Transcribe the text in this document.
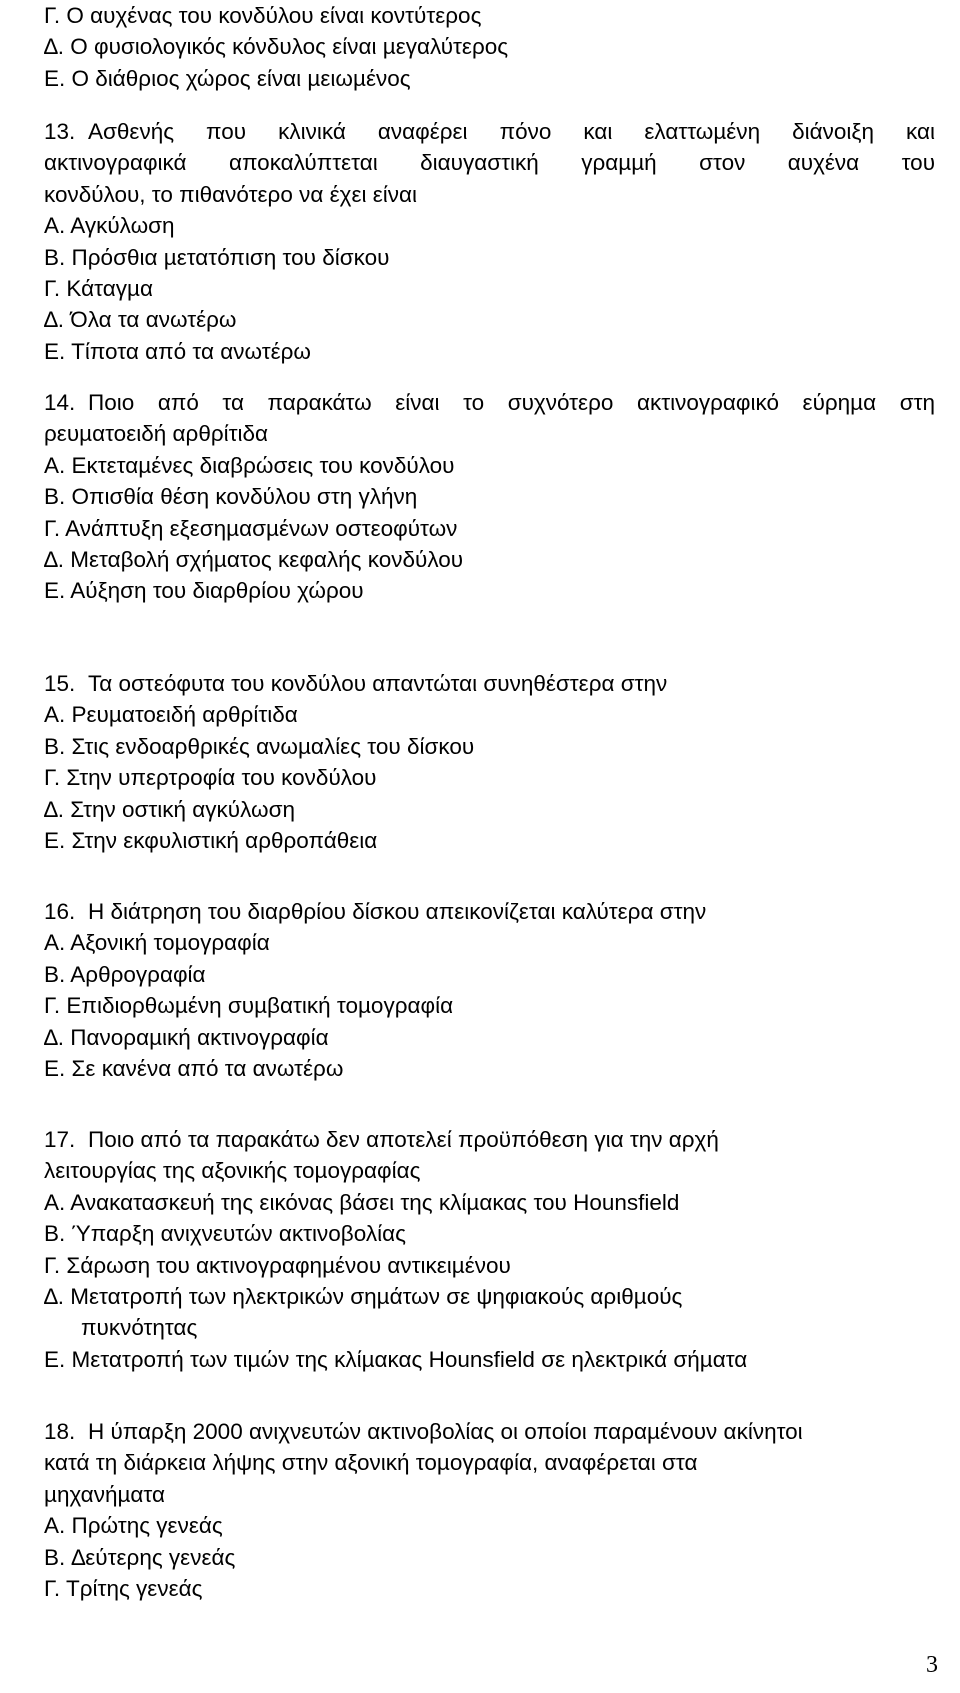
Γ. Ο αυχένας του κονδύλου είναι κοντύτερος
∆. Ο φυσιολογικός κόνδυλος είναι µεγαλύτερος
Ε. Ο διάθριος χώρος είναι µειωµένος
13. Ασθενής που κλινικά αναφέρει πόνο και ελαττωµένη διάνοιξη και
ακτινογραφικά αποκαλύπτεται διαυγαστική γραµµή στον αυχένα του
κονδύλου, το πιθανότερο να έχει είναι
Α. Αγκύλωση
Β. Πρόσθια µετατόπιση του δίσκου
Γ. Κάταγµα
∆. Όλα τα ανωτέρω
Ε. Τίποτα από τα ανωτέρω
14. Ποιο από τα παρακάτω είναι το συχνότερο ακτινογραφικό εύρηµα στη
ρευµατοειδή αρθρίτιδα
Α. Εκτεταµένες διαβρώσεις του κονδύλου
Β. Οπισθία θέση κονδύλου στη γλήνη
Γ. Ανάπτυξη εξεσηµασµένων οστεοφύτων
∆. Μεταβολή σχήµατος κεφαλής κονδύλου
Ε. Αύξηση του διαρθρίου χώρου
15. Τα οστεόφυτα του κονδύλου απαντώται συνηθέστερα στην
Α. Ρευµατοειδή αρθρίτιδα
Β. Στις ενδοαρθρικές ανωµαλίες του δίσκου
Γ. Στην υπερτροφία του κονδύλου
∆. Στην οστική αγκύλωση
Ε. Στην εκφυλιστική αρθροπάθεια
16. Η διάτρηση του διαρθρίου δίσκου απεικονίζεται καλύτερα στην
Α. Αξονική τοµογραφία
Β. Αρθρογραφία
Γ. Επιδιορθωµένη συµβατική τοµογραφία
∆. Πανοραµική ακτινογραφία
Ε. Σε κανένα από τα ανωτέρω
17. Ποιο από τα παρακάτω δεν αποτελεί προϋπόθεση για την αρχή
λειτουργίας της αξονικής τοµογραφίας
Α. Ανακατασκευή της εικόνας βάσει της κλίµακας του Hounsfield
Β. Ύπαρξη ανιχνευτών ακτινοβολίας
Γ. Σάρωση του ακτινογραφηµένου αντικειµένου
∆. Μετατροπή των ηλεκτρικών σηµάτων σε ψηφιακούς αριθµούς
πυκνότητας
Ε. Μετατροπή των τιµών της κλίµακας Hounsfield σε ηλεκτρικά σήµατα
18. Η ύπαρξη 2000 ανιχνευτών ακτινοβολίας οι οποίοι παραµένουν ακίνητοι
κατά τη διάρκεια λήψης στην αξονική τοµογραφία, αναφέρεται στα
µηχανήµατα
Α. Πρώτης γενεάς
Β. ∆εύτερης γενεάς
Γ. Τρίτης γενεάς
3
